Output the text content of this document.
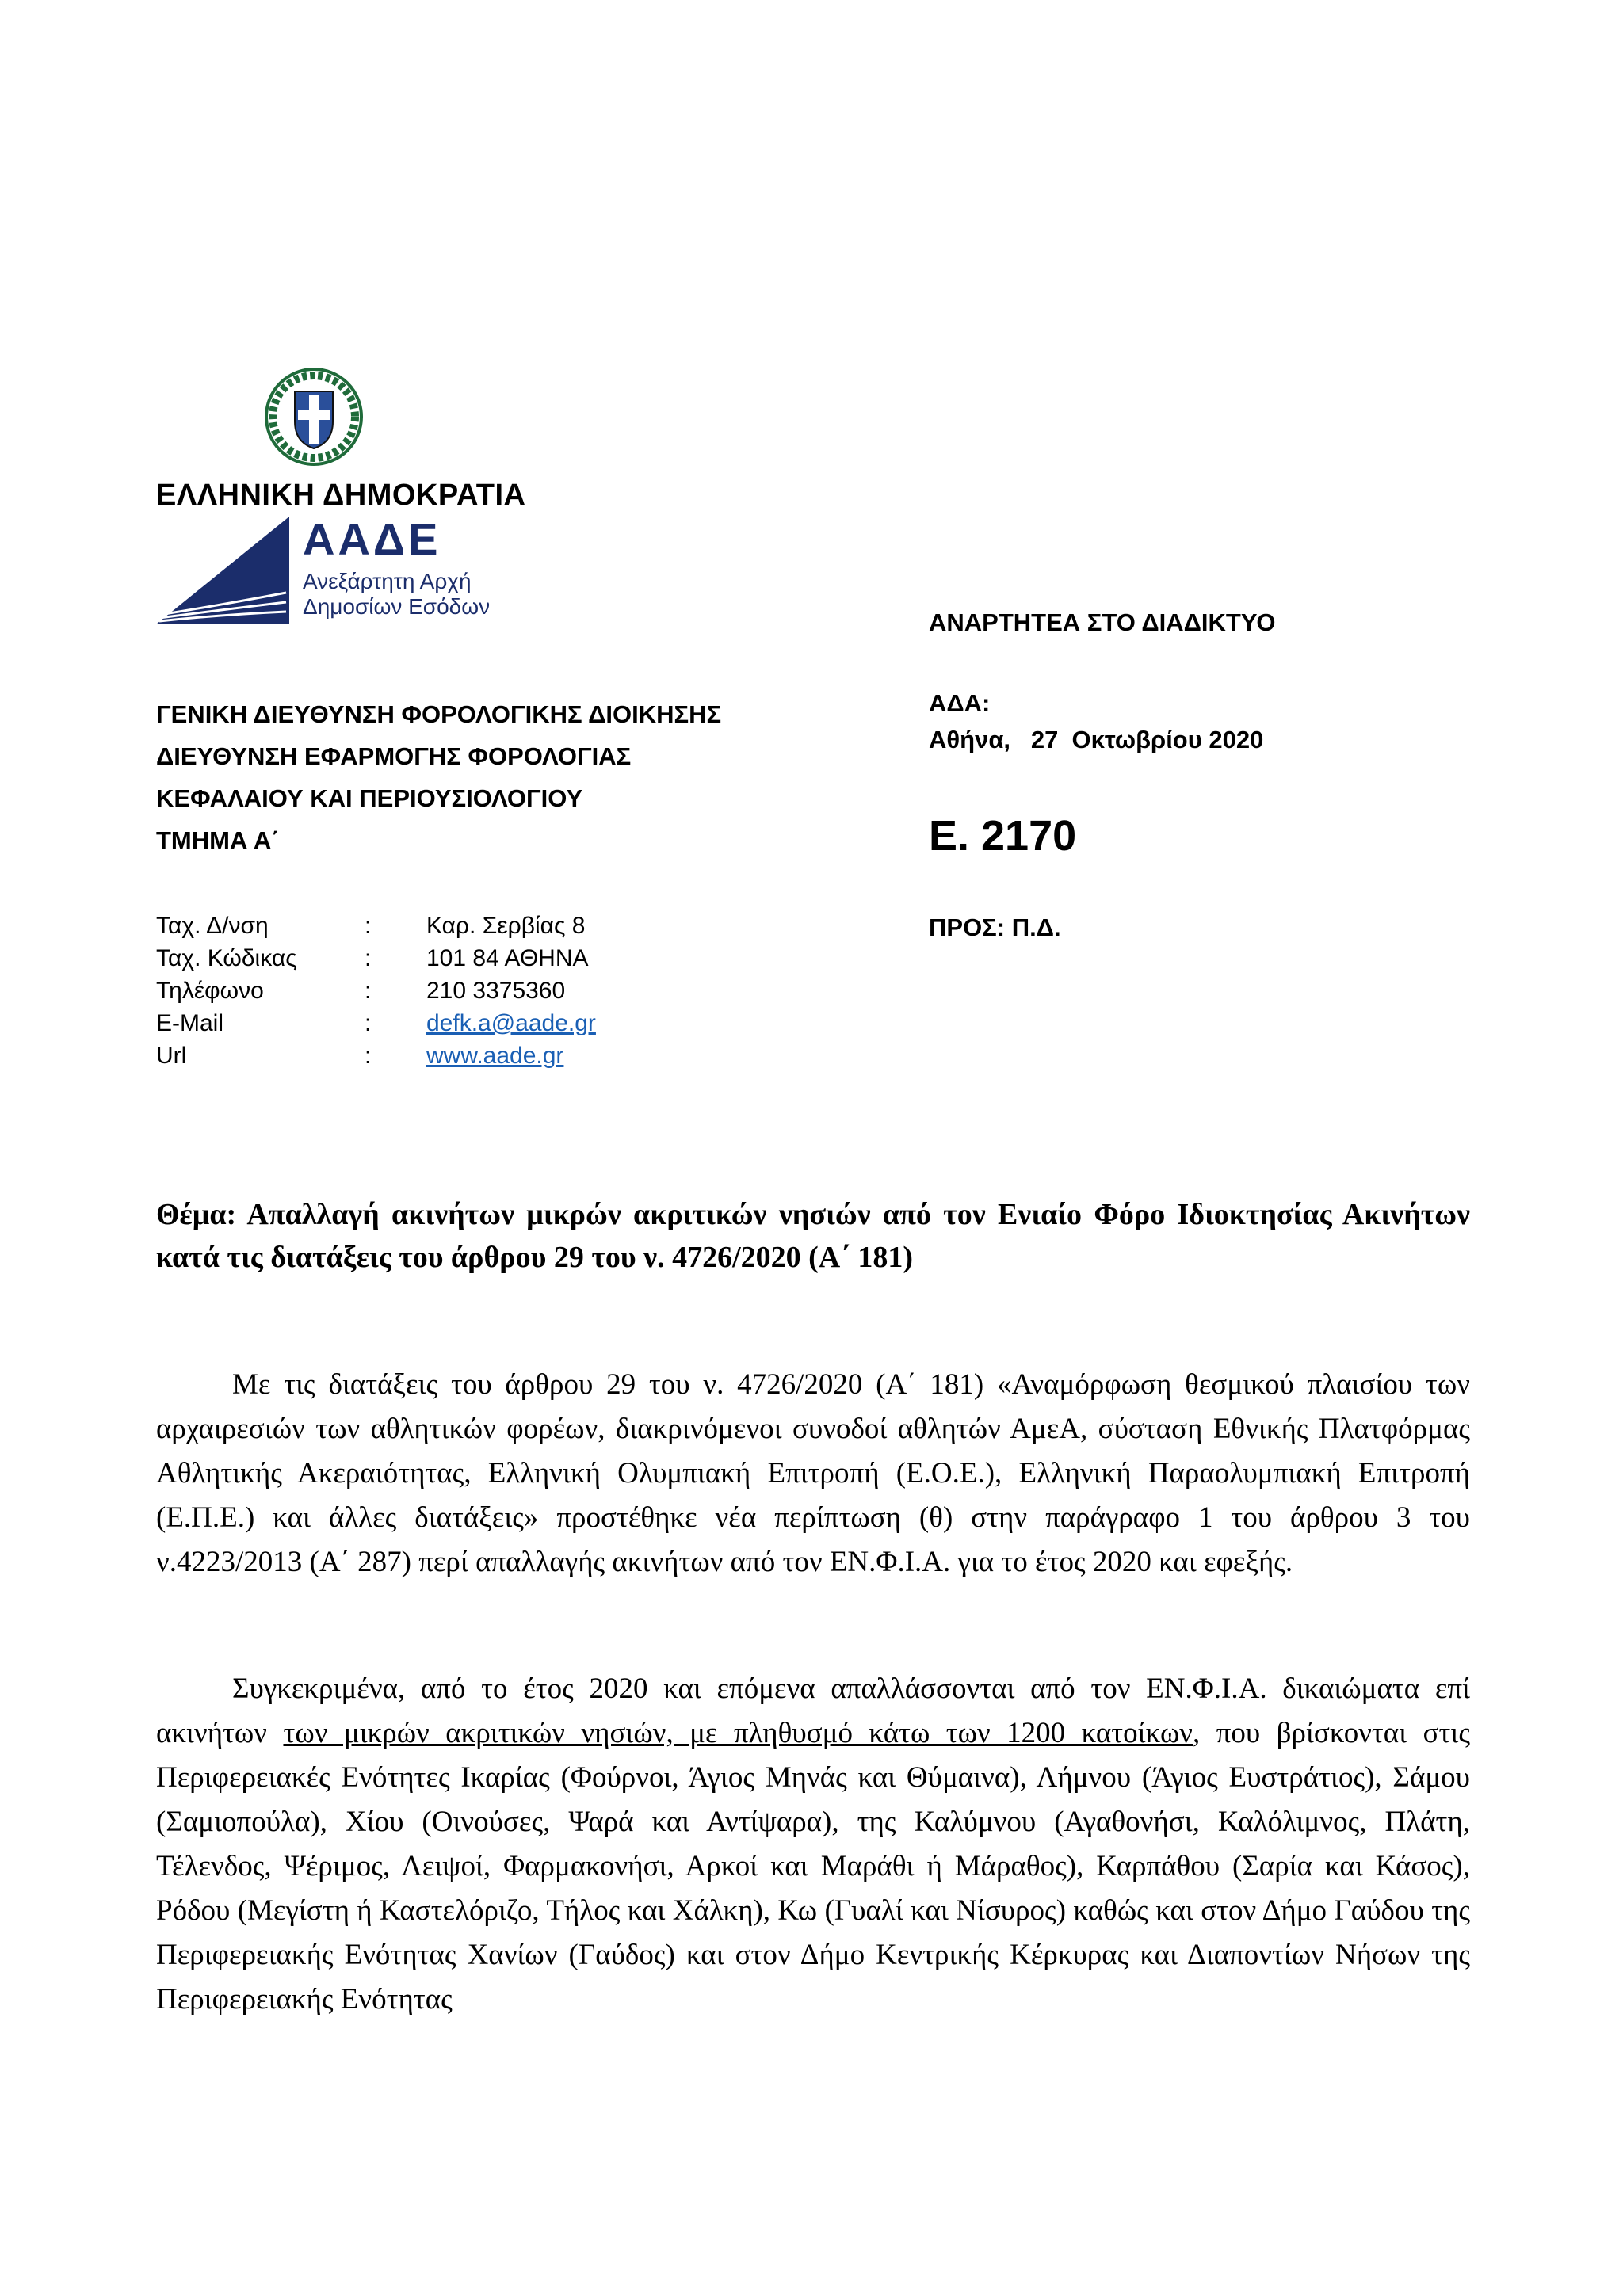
ΕΛΛΗΝΙΚΗ ΔΗΜΟΚΡΑΤΙΑ
ΑΑΔΕ
Ανεξάρτητη Αρχή
Δημοσίων Εσόδων
ΓΕΝΙΚΗ ΔΙΕΥΘΥΝΣΗ ΦΟΡΟΛΟΓΙΚΗΣ ΔΙΟΙΚΗΣΗΣ
ΔΙΕΥΘΥΝΣΗ ΕΦΑΡΜΟΓΗΣ ΦΟΡΟΛΟΓΙΑΣ
ΚΕΦΑΛΑΙΟΥ ΚΑΙ ΠΕΡΙΟΥΣΙΟΛΟΓΙΟΥ
ΤΜΗΜΑ Α΄
Ταχ. Δ/νση	: Καρ. Σερβίας 8
Ταχ. Κώδικας	: 101 84 ΑΘΗΝΑ
Τηλέφωνο	: 210 3375360
E-Mail	: defk.a@aade.gr
Url	: www.aade.gr
ΑΝΑΡΤΗΤΕΑ ΣΤΟ ΔΙΑΔΙΚΤΥΟ
ΑΔΑ:
Αθήνα,   27  Οκτωβρίου 2020
Ε. 2170
ΠΡΟΣ: Π.Δ.
Θέμα: Απαλλαγή ακινήτων μικρών ακριτικών νησιών από τον Ενιαίο Φόρο Ιδιοκτησίας Ακινήτων κατά τις διατάξεις του άρθρου 29 του ν. 4726/2020 (Α΄ 181)
Με τις διατάξεις του άρθρου 29 του ν. 4726/2020 (Α΄ 181) «Αναμόρφωση θεσμικού πλαισίου των αρχαιρεσιών των αθλητικών φορέων, διακρινόμενοι συνοδοί αθλητών ΑμεΑ, σύσταση Εθνικής Πλατφόρμας Αθλητικής Ακεραιότητας, Ελληνική Ολυμπιακή Επιτροπή (Ε.Ο.Ε.), Ελληνική Παραολυμπιακή Επιτροπή (Ε.Π.Ε.) και άλλες διατάξεις» προστέθηκε νέα περίπτωση (θ) στην παράγραφο 1 του άρθρου 3 του ν.4223/2013 (Α΄ 287) περί απαλλαγής ακινήτων από τον ΕΝ.Φ.Ι.Α. για το έτος 2020 και εφεξής.
Συγκεκριμένα, από το έτος 2020 και επόμενα απαλλάσσονται από τον ΕΝ.Φ.Ι.Α. δικαιώματα επί ακινήτων των μικρών ακριτικών νησιών, με πληθυσμό κάτω των 1200 κατοίκων, που βρίσκονται στις Περιφερειακές Ενότητες Ικαρίας (Φούρνοι, Άγιος Μηνάς και Θύμαινα), Λήμνου (Άγιος Ευστράτιος), Σάμου (Σαμιοπούλα), Χίου (Οινούσες, Ψαρά και Αντίψαρα), της Καλύμνου (Αγαθονήσι, Καλόλιμνος, Πλάτη, Τέλενδος, Ψέριμος, Λειψοί, Φαρμακονήσι, Αρκοί και Μαράθι ή Μάραθος), Καρπάθου (Σαρία και Κάσος), Ρόδου (Μεγίστη ή Καστελόριζο, Τήλος και Χάλκη), Κω (Γυαλί και Νίσυρος) καθώς και στον Δήμο Γαύδου της Περιφερειακής Ενότητας Χανίων (Γαύδος) και στον Δήμο Κεντρικής Κέρκυρας και Διαποντίων Νήσων της Περιφερειακής Ενότητας
